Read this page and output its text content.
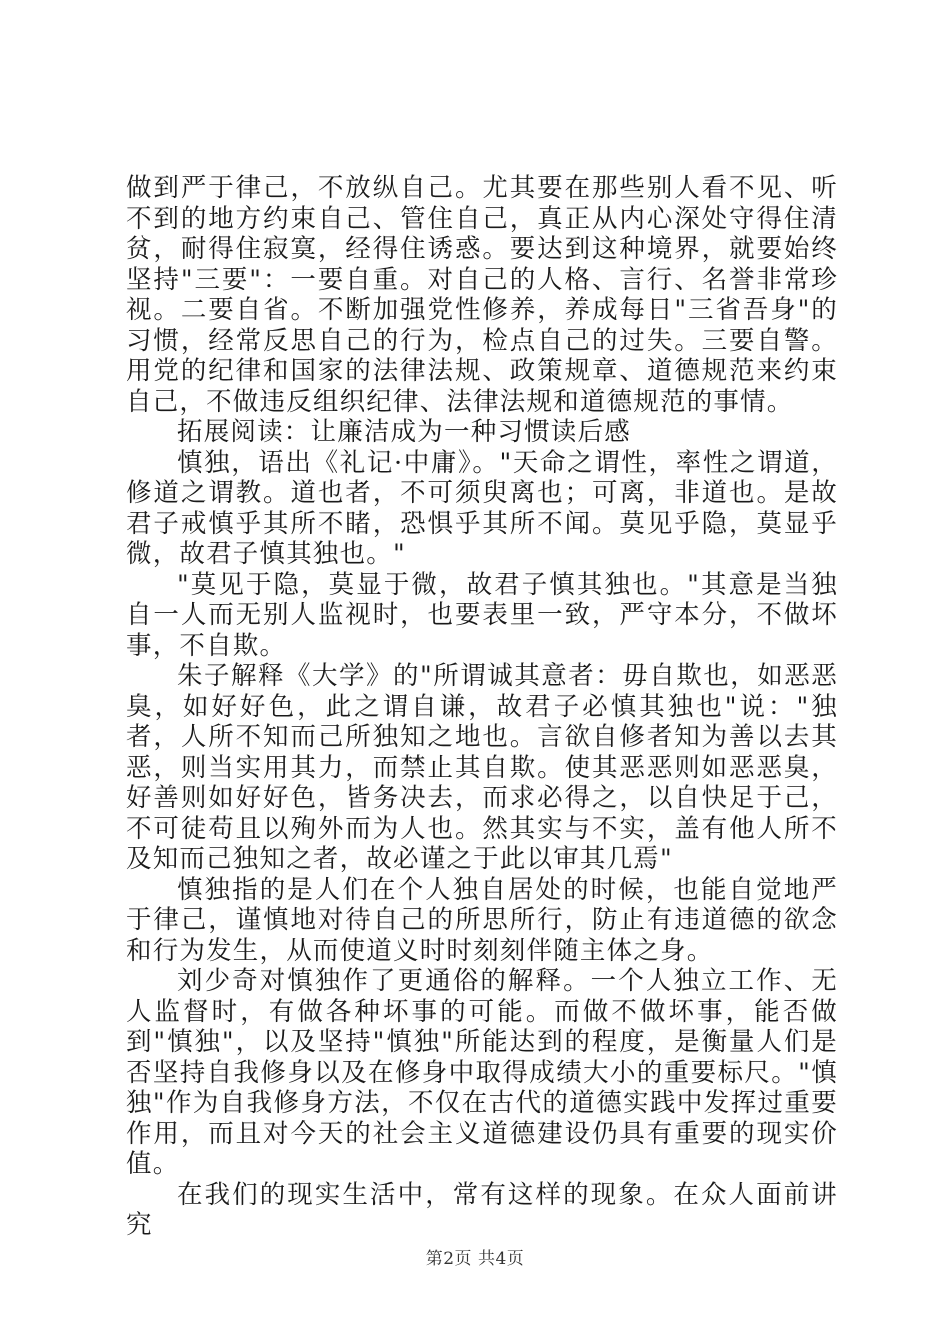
做到严于律己，不放纵自己。尤其要在那些别人看不见、听不到的地方约束自己、管住自己，真正从内心深处守得住清贫，耐得住寂寞，经得住诱惑。要达到这种境界，就要始终坚持"三要"：一要自重。对自己的人格、言行、名誉非常珍视。二要自省。不断加强党性修养，养成每日"三省吾身"的习惯，经常反思自己的行为，检点自己的过失。三要自警。用党的纪律和国家的法律法规、政策规章、道德规范来约束自己，不做违反组织纪律、法律法规和道德规范的事情。

拓展阅读：让廉洁成为一种习惯读后感

慎独，语出《礼记·中庸》。"天命之谓性，率性之谓道，修道之谓教。道也者，不可须臾离也；可离，非道也。是故君子戒慎乎其所不睹，恐惧乎其所不闻。莫见乎隐，莫显乎微，故君子慎其独也。"

"莫见于隐，莫显于微，故君子慎其独也。"其意是当独自一人而无别人监视时，也要表里一致，严守本分，不做坏事，不自欺。

朱子解释《大学》的"所谓诚其意者：毋自欺也，如恶恶臭，如好好色，此之谓自谦，故君子必慎其独也"说："独者，人所不知而己所独知之地也。言欲自修者知为善以去其恶，则当实用其力，而禁止其自欺。使其恶恶则如恶恶臭，好善则如好好色，皆务决去，而求必得之，以自快足于己，不可徒苟且以殉外而为人也。然其实与不实，盖有他人所不及知而己独知之者，故必谨之于此以审其几焉"

慎独指的是人们在个人独自居处的时候，也能自觉地严于律己，谨慎地对待自己的所思所行，防止有违道德的欲念和行为发生，从而使道义时时刻刻伴随主体之身。

刘少奇对慎独作了更通俗的解释。一个人独立工作、无人监督时，有做各种坏事的可能。而做不做坏事，能否做到"慎独"，以及坚持"慎独"所能达到的程度，是衡量人们是否坚持自我修身以及在修身中取得成绩大小的重要标尺。"慎独"作为自我修身方法，不仅在古代的道德实践中发挥过重要作用，而且对今天的社会主义道德建设仍具有重要的现实价值。

在我们的现实生活中，常有这样的现象。在众人面前讲究

第2页 共4页
